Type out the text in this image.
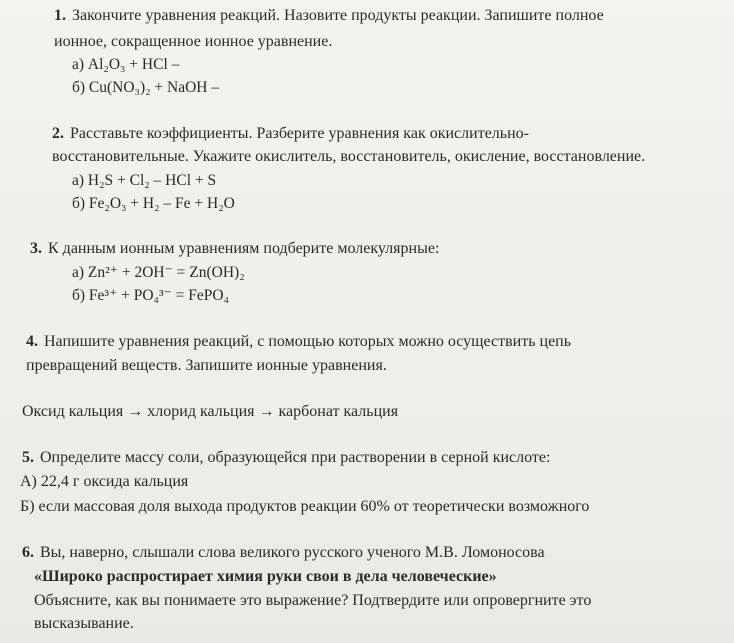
1. Закончите уравнения реакций. Назовите продукты реакции. Запишите полное
ионное, сокращенное ионное уравнение.
а) Al₂O₃ + HCl –
б) Cu(NO₃)₂ + NaOH –
2. Расставьте коэффициенты. Разберите уравнения как окислительно-
восстановительные. Укажите окислитель, восстановитель, окисление, восстановление.
а) H₂S + Cl₂ – HCl + S
б) Fe₂O₃ + H₂ – Fe + H₂O
3. К данным ионным уравнениям подберите молекулярные:
а) Zn²⁺ + 2OH⁻ = Zn(OH)₂
б) Fe³⁺ + PO₄³⁻ = FePO₄
4. Напишите уравнения реакций, с помощью которых можно осуществить цепь
превращений веществ. Запишите ионные уравнения.
Оксид кальция → хлорид кальция → карбонат кальция
5. Определите массу соли, образующейся при растворении в серной кислоте:
А) 22,4 г оксида кальция
Б) если массовая доля выхода продуктов реакции 60% от теоретически возможного
6. Вы, наверно, слышали слова великого русского ученого М.В. Ломоносова
«Широко распростирает химия руки свои в дела человеческие»
Объясните, как вы понимаете это выражение? Подтвердите или опровергните это
высказывание.
